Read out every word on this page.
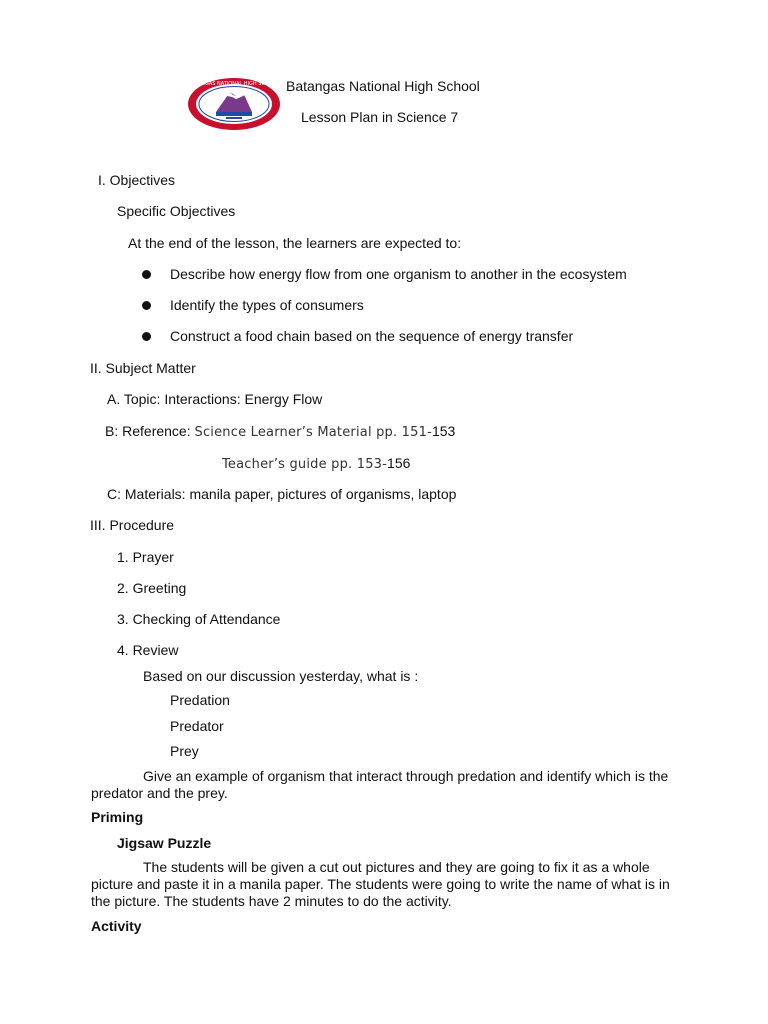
BATANGAS NATIONAL HIGH SCHOOL Batangas National High School
Lesson Plan in Science 7
I. Objectives
Specific Objectives
At the end of the lesson, the learners are expected to:
Describe how energy flow from one organism to another in the ecosystem
Identify the types of consumers
Construct a food chain based on the sequence of energy transfer
II. Subject Matter
A. Topic: Interactions: Energy Flow
B: Reference: Science Learner’s Material pp. 151-153
Teacher’s guide pp. 153-156
C: Materials: manila paper, pictures of organisms, laptop
III. Procedure
1. Prayer
2. Greeting
3. Checking of Attendance
4. Review
Based on our discussion yesterday, what is :
Predation
Predator
Prey
Give an example of organism that interact through predation and identify which is the predator and the prey.
Priming
Jigsaw Puzzle
The students will be given a cut out pictures and they are going to fix it as a whole picture and paste it in a manila paper. The students were going to write the name of what is in the picture. The students have 2 minutes to do the activity.
Activity
